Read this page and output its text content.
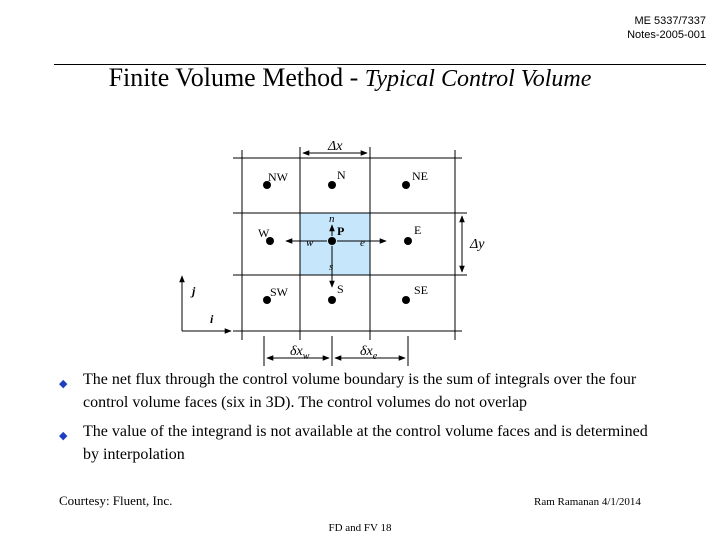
ME 5337/7337
Notes-2005-001
Finite Volume Method - Typical Control Volume
NW	N	NE
W	P	E
SW	S	SE
n
s
w	e
Δx
Δy
$\delta x_w$	$\delta x_e$
j
i
◆ The net flux through the control volume boundary is the sum of integrals over the four control volume faces (six in 3D). The control volumes do not overlap
◆ The value of the integrand is not available at the control volume faces and is determined by interpolation
Courtesy: Fluent, Inc.	Ram Ramanan 4/1/2014
FD and FV 18
